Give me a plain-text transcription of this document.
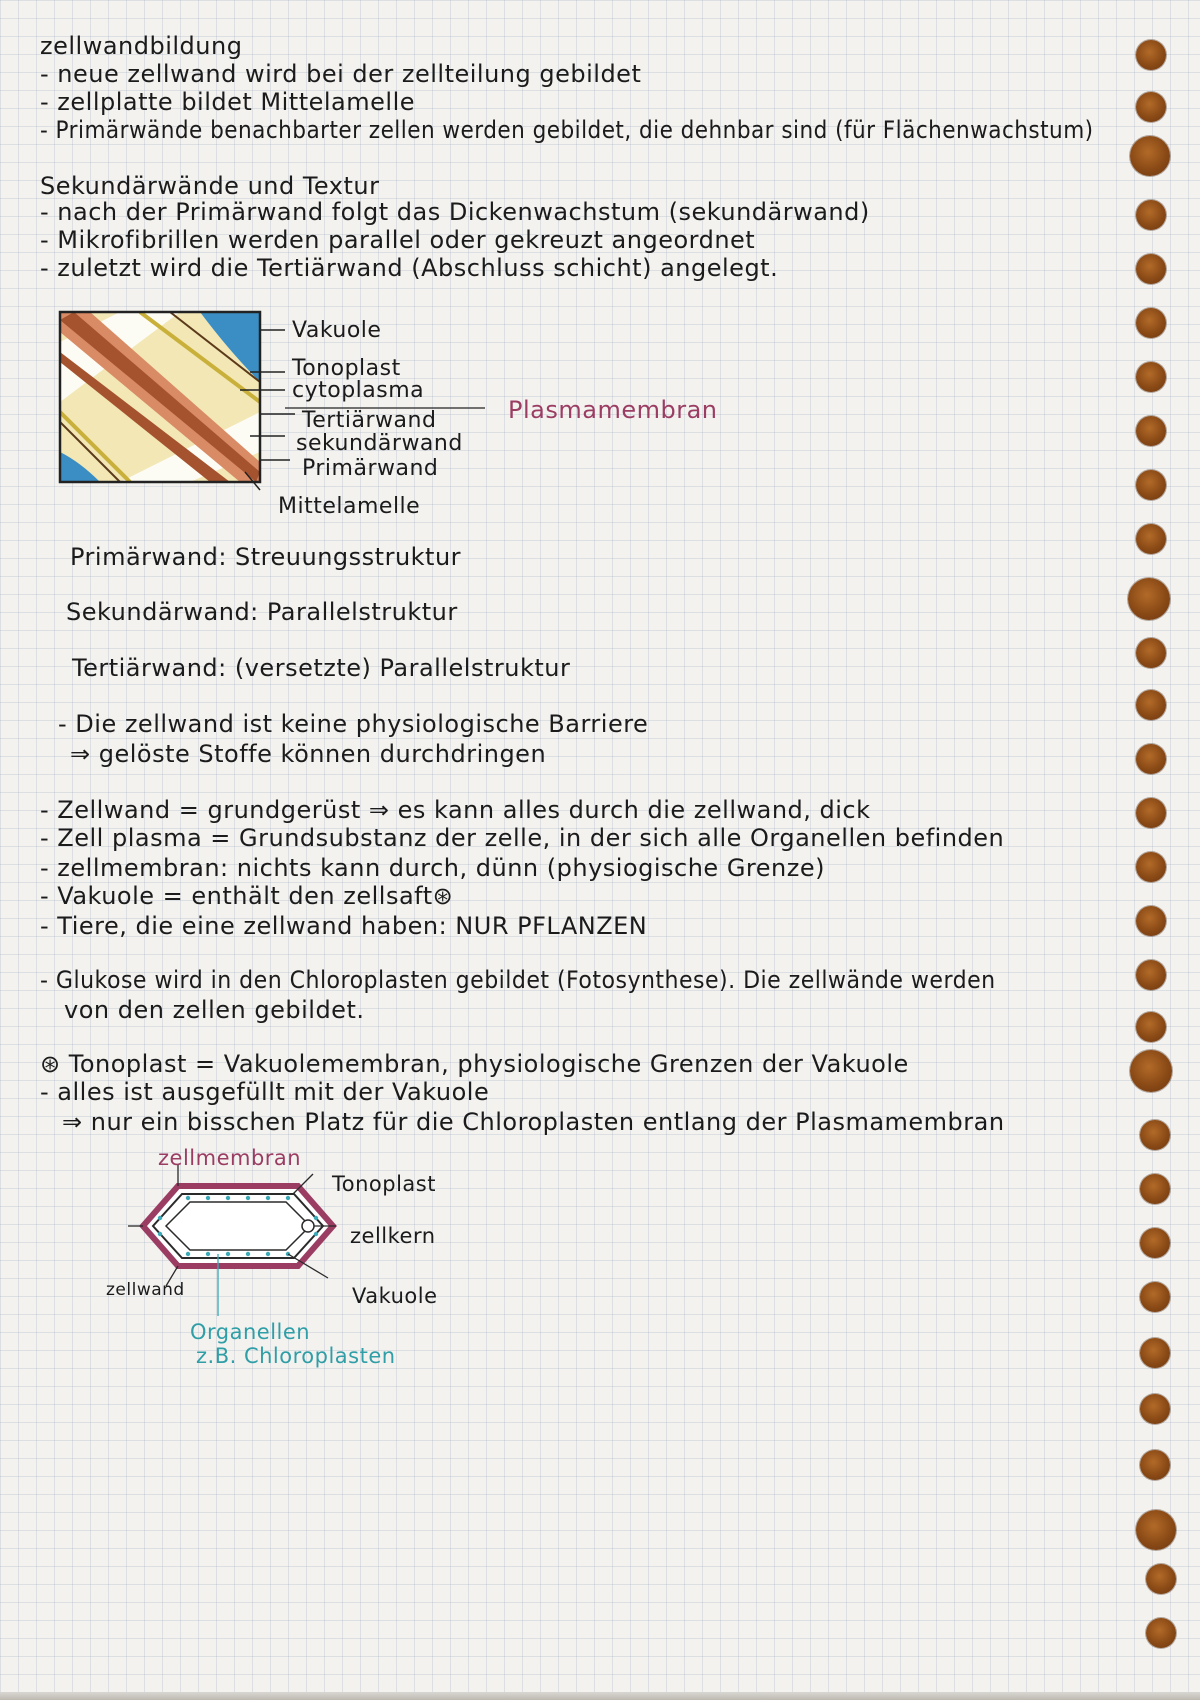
zellwandbildung
- neue zellwand wird bei der zellteilung gebildet
- zellplatte bildet Mittelamelle
- Primärwände benachbarter zellen werden gebildet, die dehnbar sind (für Flächenwachstum)
Sekundärwände und Textur
- nach der Primärwand folgt das Dickenwachstum (sekundärwand)
- Mikrofibrillen werden parallel oder gekreuzt angeordnet
- zuletzt wird die Tertiärwand (Abschluss schicht) angelegt.
Vakuole
Tonoplast
cytoplasma
Tertiärwand
sekundärwand
Primärwand
Mittelamelle
Plasmamembran
Primärwand: Streuungsstruktur
Sekundärwand: Parallelstruktur
Tertiärwand: (versetzte) Parallelstruktur
- Die zellwand ist keine physiologische Barriere
⇒ gelöste Stoffe können durchdringen
- Zellwand = grundgerüst ⇒ es kann alles durch die zellwand, dick
- Zell plasma = Grundsubstanz der zelle, in der sich alle Organellen befinden
- zellmembran: nichts kann durch, dünn (physiogische Grenze)
- Vakuole = enthält den zellsaft⊛
- Tiere, die eine zellwand haben: NUR PFLANZEN
- Glukose wird in den Chloroplasten gebildet (Fotosynthese). Die zellwände werden
von den zellen gebildet.
⊛ Tonoplast = Vakuolemembran, physiologische Grenzen der Vakuole
- alles ist ausgefüllt mit der Vakuole
⇒ nur ein bisschen Platz für die Chloroplasten entlang der Plasmamembran
zellmembran
Tonoplast
zellkern
zellwand	Vakuole
Organellen
z.B. Chloroplasten
